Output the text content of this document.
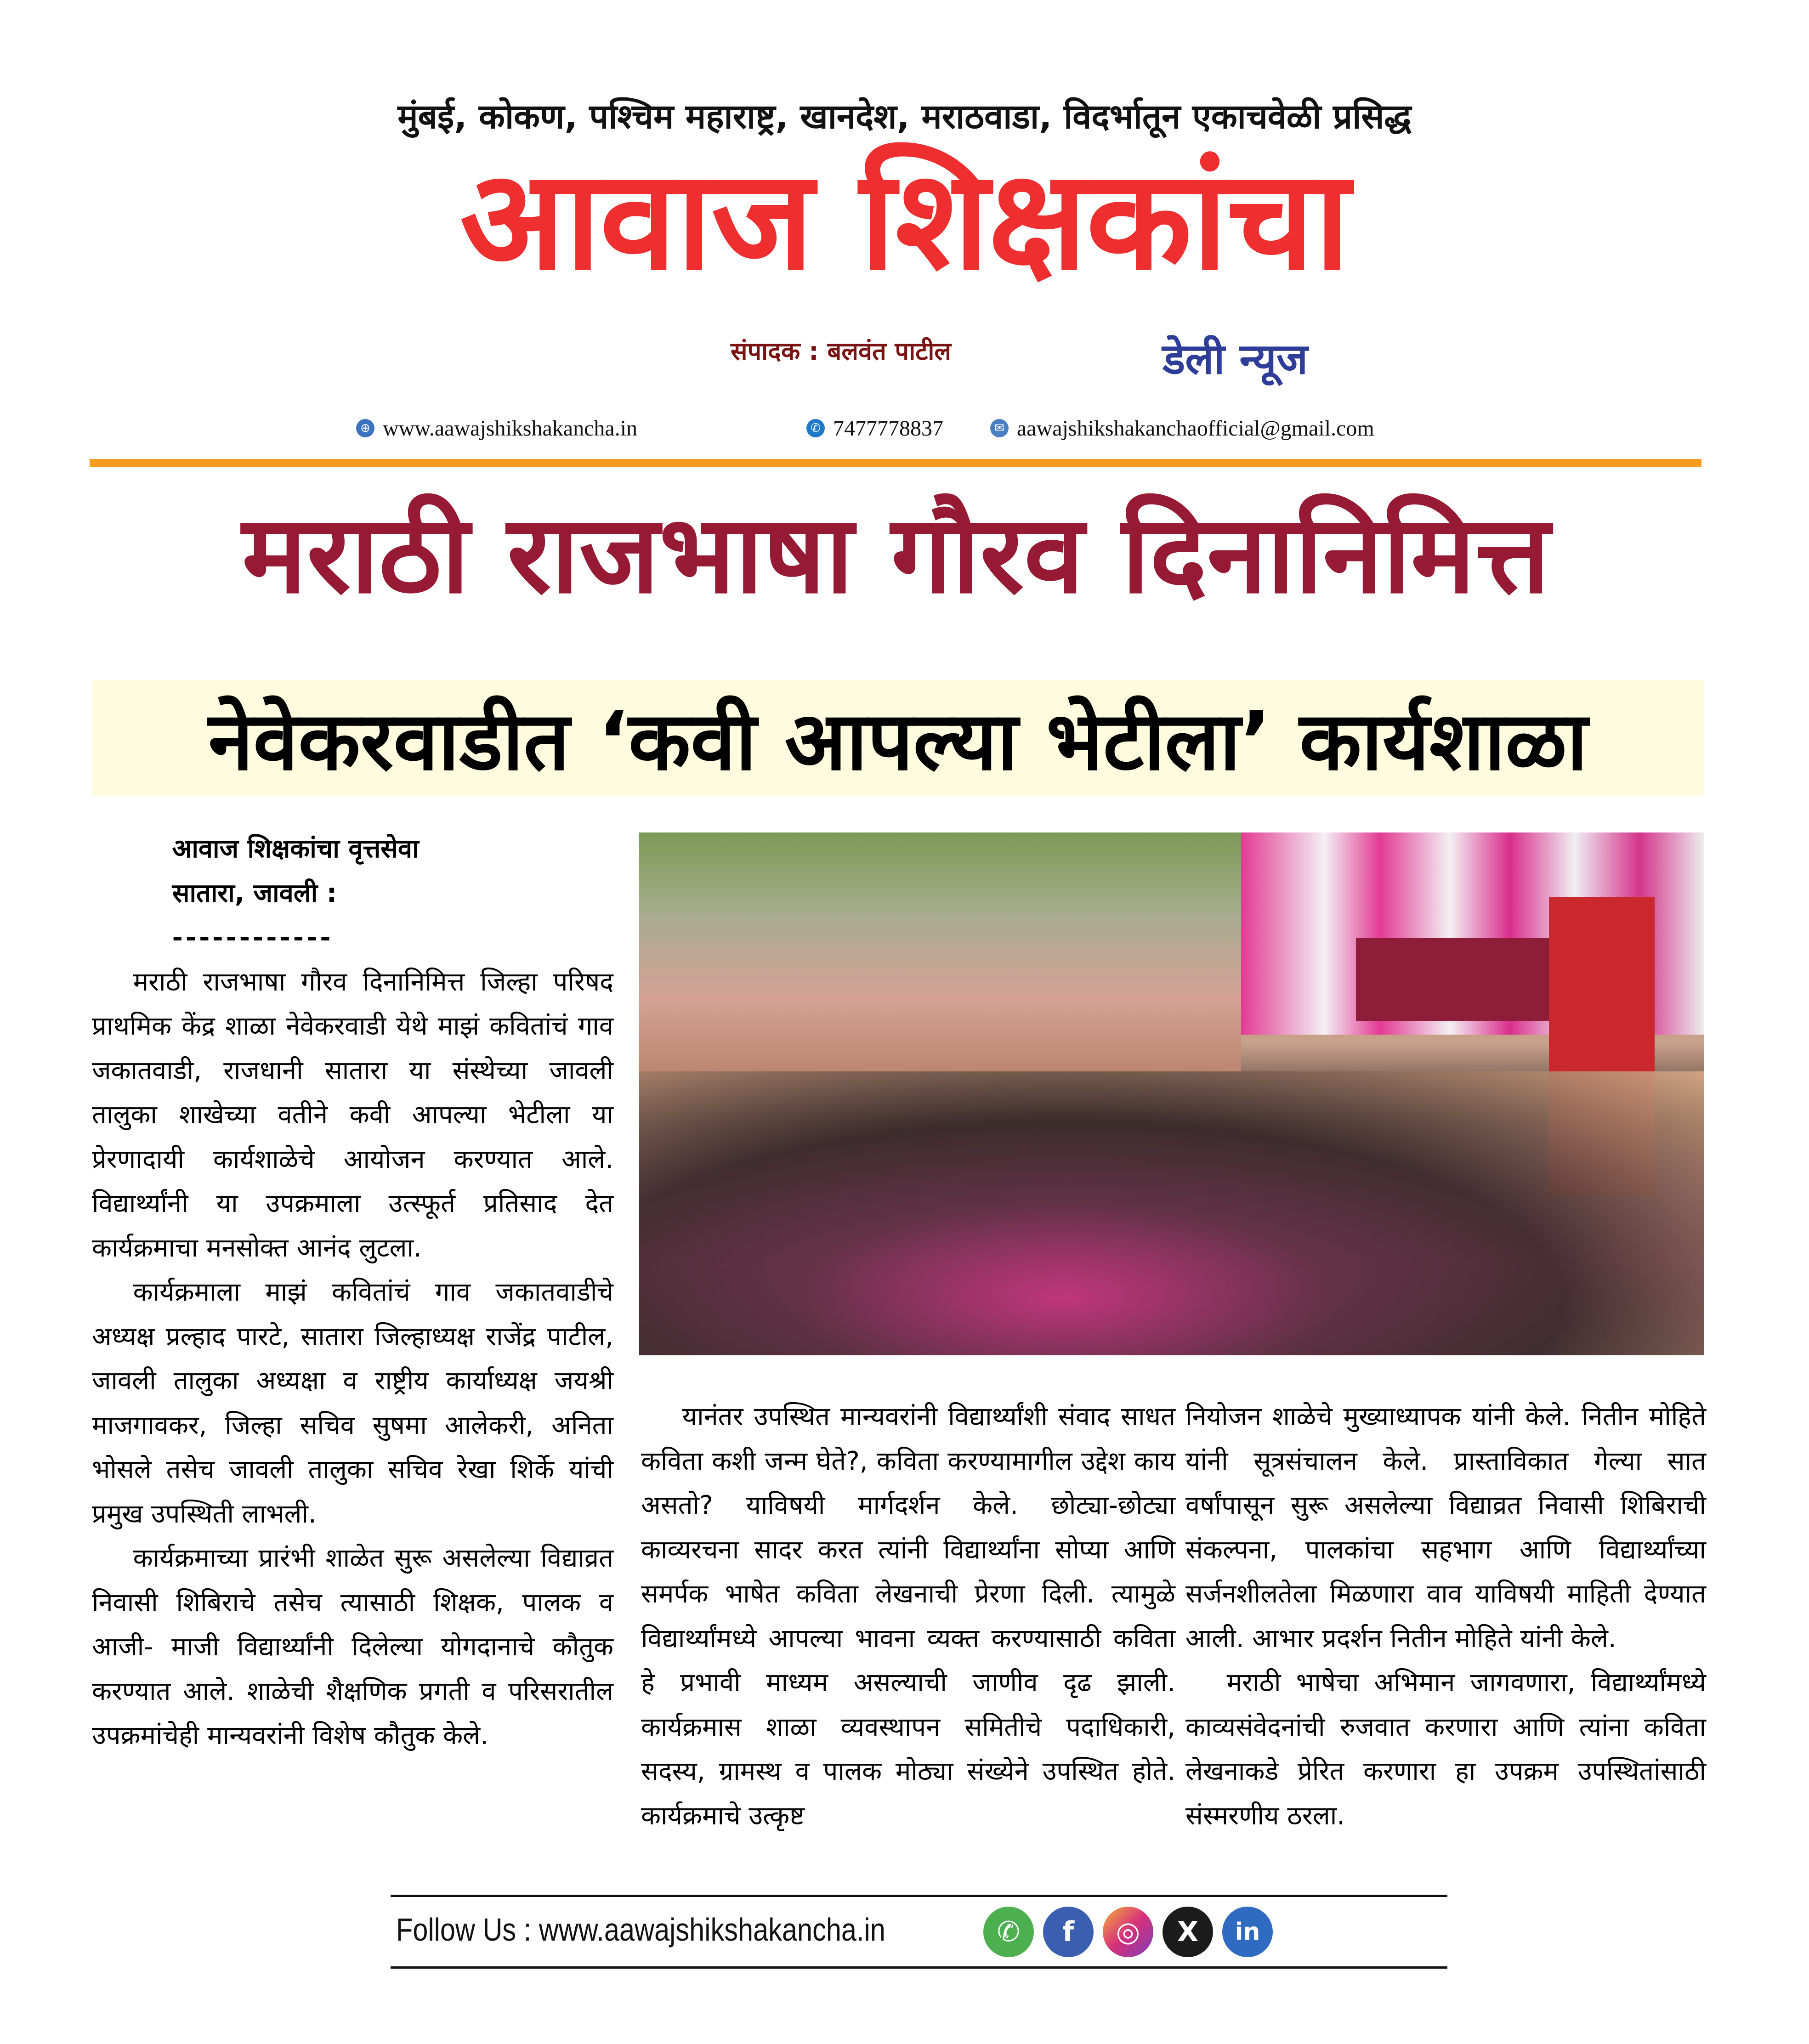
मुंबई, कोकण, पश्चिम महाराष्ट्र, खानदेश, मराठवाडा, विदर्भातून एकाचवेळी प्रसिद्ध
आवाज शिक्षकांचा
संपादक : बलवंत पाटील	डेली न्यूज
⊕ www.aawajshikshakancha.in	✆ 7477778837	✉ aawajshikshakanchaofficial@gmail.com
मराठी राजभाषा गौरव दिनानिमित्त
नेवेकरवाडीत ‘कवी आपल्या भेटीला’ कार्यशाळा

आवाज शिक्षकांचा वृत्तसेवा

सातारा, जावली :

------------

मराठी राजभाषा गौरव दिनानिमित्त जिल्हा परिषद प्राथमिक केंद्र शाळा नेवेकरवाडी येथे माझं कवितांचं गाव जकातवाडी, राजधानी सातारा या संस्थेच्या जावली तालुका शाखेच्या वतीने कवी आपल्या भेटीला या प्रेरणादायी कार्यशाळेचे आयोजन करण्यात आले. विद्यार्थ्यांनी या उपक्रमाला उत्स्फूर्त प्रतिसाद देत कार्यक्रमाचा मनसोक्त आनंद लुटला.

कार्यक्रमाला माझं कवितांचं गाव जकातवाडीचे अध्यक्ष प्रल्हाद पारटे, सातारा जिल्हाध्यक्ष राजेंद्र पाटील, जावली तालुका अध्यक्षा व राष्ट्रीय कार्याध्यक्ष जयश्री माजगावकर, जिल्हा सचिव सुषमा आलेकरी, अनिता भोसले तसेच जावली तालुका सचिव रेखा शिर्के यांची प्रमुख उपस्थिती लाभली.

कार्यक्रमाच्या प्रारंभी शाळेत सुरू असलेल्या विद्याव्रत निवासी शिबिराचे तसेच त्यासाठी शिक्षक, पालक व आजी- माजी विद्यार्थ्यांनी दिलेल्या योगदानाचे कौतुक करण्यात आले. शाळेची शैक्षणिक प्रगती व परिसरातील उपक्रमांचेही मान्यवरांनी विशेष कौतुक केले.

यानंतर उपस्थित मान्यवरांनी विद्यार्थ्यांशी संवाद साधत कविता कशी जन्म घेते?, कविता करण्यामागील उद्देश काय असतो? याविषयी मार्गदर्शन केले. छोट्या-छोट्या काव्यरचना सादर करत त्यांनी विद्यार्थ्यांना सोप्या आणि समर्पक भाषेत कविता लेखनाची प्रेरणा दिली. त्यामुळे विद्यार्थ्यांमध्ये आपल्या भावना व्यक्त करण्यासाठी कविता हे प्रभावी माध्यम असल्याची जाणीव दृढ झाली. कार्यक्रमास शाळा व्यवस्थापन समितीचे पदाधिकारी, सदस्य, ग्रामस्थ व पालक मोठ्या संख्येने उपस्थित होते. कार्यक्रमाचे उत्कृष्ट

नियोजन शाळेचे मुख्याध्यापक यांनी केले. नितीन मोहिते यांनी सूत्रसंचालन केले. प्रास्ताविकात गेल्या सात वर्षांपासून सुरू असलेल्या विद्याव्रत निवासी शिबिराची संकल्पना, पालकांचा सहभाग आणि विद्यार्थ्यांच्या सर्जनशीलतेला मिळणारा वाव याविषयी माहिती देण्यात आली. आभार प्रदर्शन नितीन मोहिते यांनी केले.

मराठी भाषेचा अभिमान जागवणारा, विद्यार्थ्यांमध्ये काव्यसंवेदनांची रुजवात करणारा आणि त्यांना कविता लेखनाकडे प्रेरित करणारा हा उपक्रम उपस्थितांसाठी संस्मरणीय ठरला.

Follow Us : www.aawajshikshakancha.in	✆	f	◎	X	in
